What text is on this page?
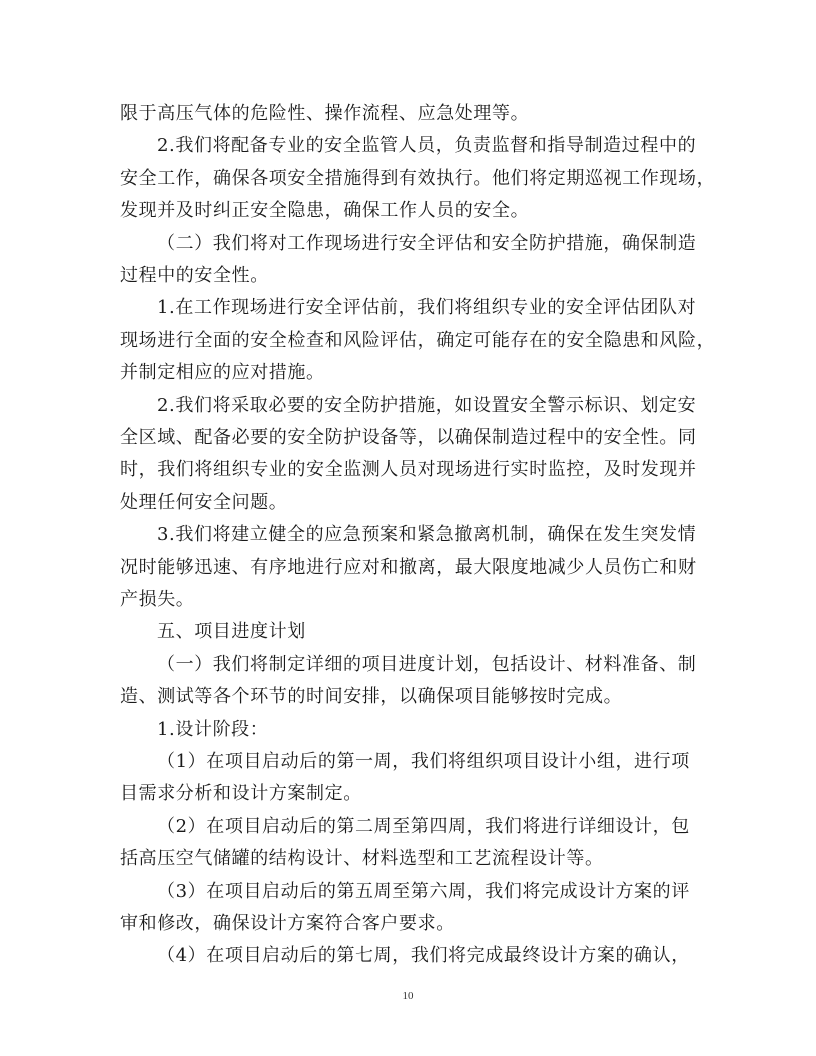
限于高压气体的危险性、操作流程、应急处理等。
2.我们将配备专业的安全监管人员，负责监督和指导制造过程中的
安全工作，确保各项安全措施得到有效执行。他们将定期巡视工作现场，
发现并及时纠正安全隐患，确保工作人员的安全。
（二）我们将对工作现场进行安全评估和安全防护措施，确保制造
过程中的安全性。
1.在工作现场进行安全评估前，我们将组织专业的安全评估团队对
现场进行全面的安全检查和风险评估，确定可能存在的安全隐患和风险，
并制定相应的应对措施。
2.我们将采取必要的安全防护措施，如设置安全警示标识、划定安
全区域、配备必要的安全防护设备等，以确保制造过程中的安全性。同
时，我们将组织专业的安全监测人员对现场进行实时监控，及时发现并
处理任何安全问题。
3.我们将建立健全的应急预案和紧急撤离机制，确保在发生突发情
况时能够迅速、有序地进行应对和撤离，最大限度地减少人员伤亡和财
产损失。
五、项目进度计划
（一）我们将制定详细的项目进度计划，包括设计、材料准备、制
造、测试等各个环节的时间安排，以确保项目能够按时完成。
1.设计阶段：
（1）在项目启动后的第一周，我们将组织项目设计小组，进行项
目需求分析和设计方案制定。
（2）在项目启动后的第二周至第四周，我们将进行详细设计，包
括高压空气储罐的结构设计、材料选型和工艺流程设计等。
（3）在项目启动后的第五周至第六周，我们将完成设计方案的评
审和修改，确保设计方案符合客户要求。
（4）在项目启动后的第七周，我们将完成最终设计方案的确认，
10
